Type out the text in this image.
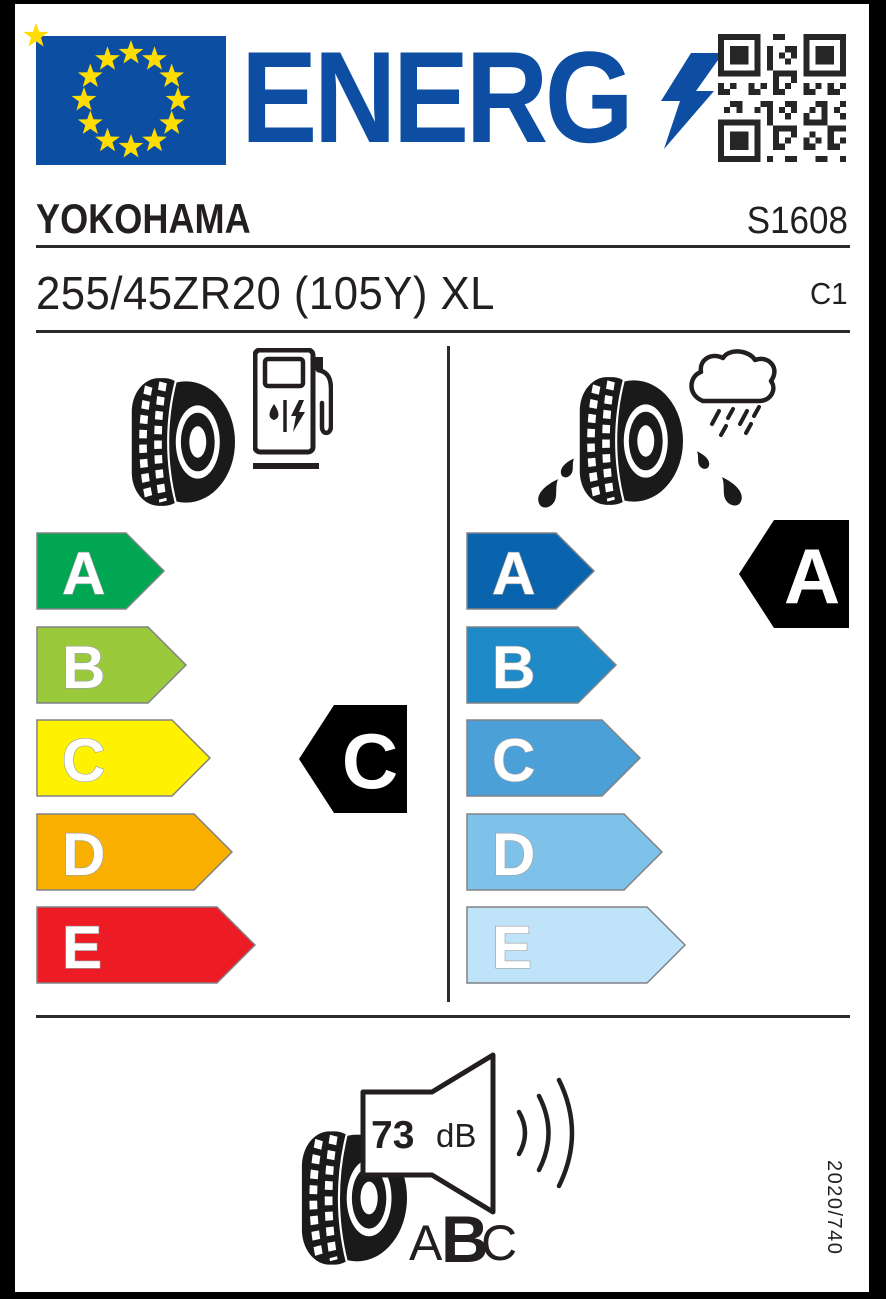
ENERG
YOKOHAMA	S1608
255/45ZR20 (105Y) XL	C1
A
B
C
D
E
C
A
B
C
D
E
A
73 dB
A
B
C	2020/740
